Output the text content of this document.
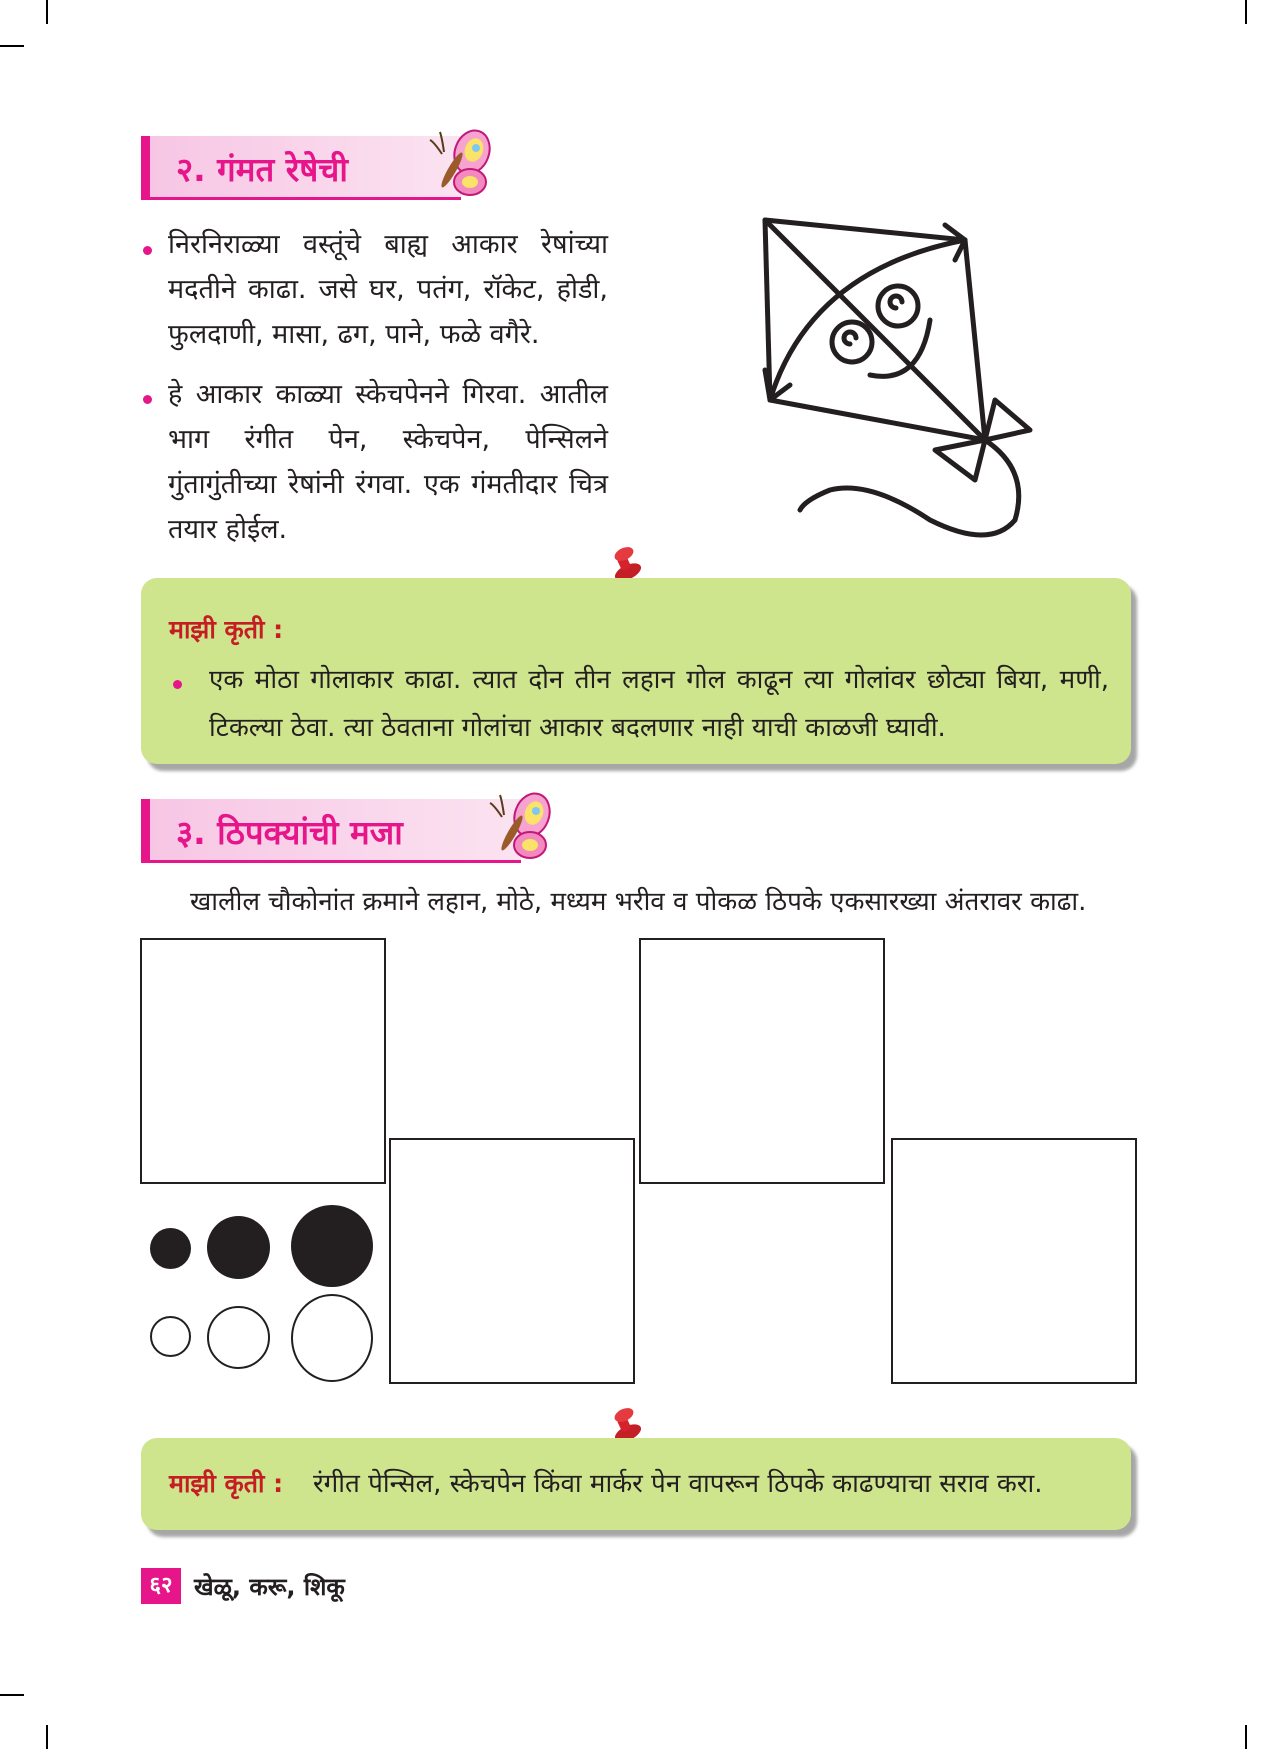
२. गंमत रेषेची
निरनिराळ्या वस्तूंचे बाह्य आकार रेषांच्या मदतीने काढा. जसे घर, पतंग, रॉकेट, होडी, फुलदाणी, मासा, ढग, पाने, फळे वगैरे.
हे आकार काळ्या स्केचपेनने गिरवा. आतील भाग रंगीत पेन, स्केचपेन, पेन्सिलने गुंतागुंतीच्या रेषांनी रंगवा. एक गंमतीदार चित्र तयार होईल.
माझी कृती :
एक मोठा गोलाकार काढा. त्यात दोन तीन लहान गोल काढून त्या गोलांवर छोट्या बिया, मणी, टिकल्या ठेवा. त्या ठेवताना गोलांचा आकार बदलणार नाही याची काळजी घ्यावी.
३. ठिपक्यांची मजा
खालील चौकोनांत क्रमाने लहान, मोठे, मध्यम भरीव व पोकळ ठिपके एकसारख्या अंतरावर काढा.
माझी कृती : रंगीत पेन्सिल, स्केचपेन किंवा मार्कर पेन वापरून ठिपके काढण्याचा सराव करा.
६२ खेळू, करू, शिकू
